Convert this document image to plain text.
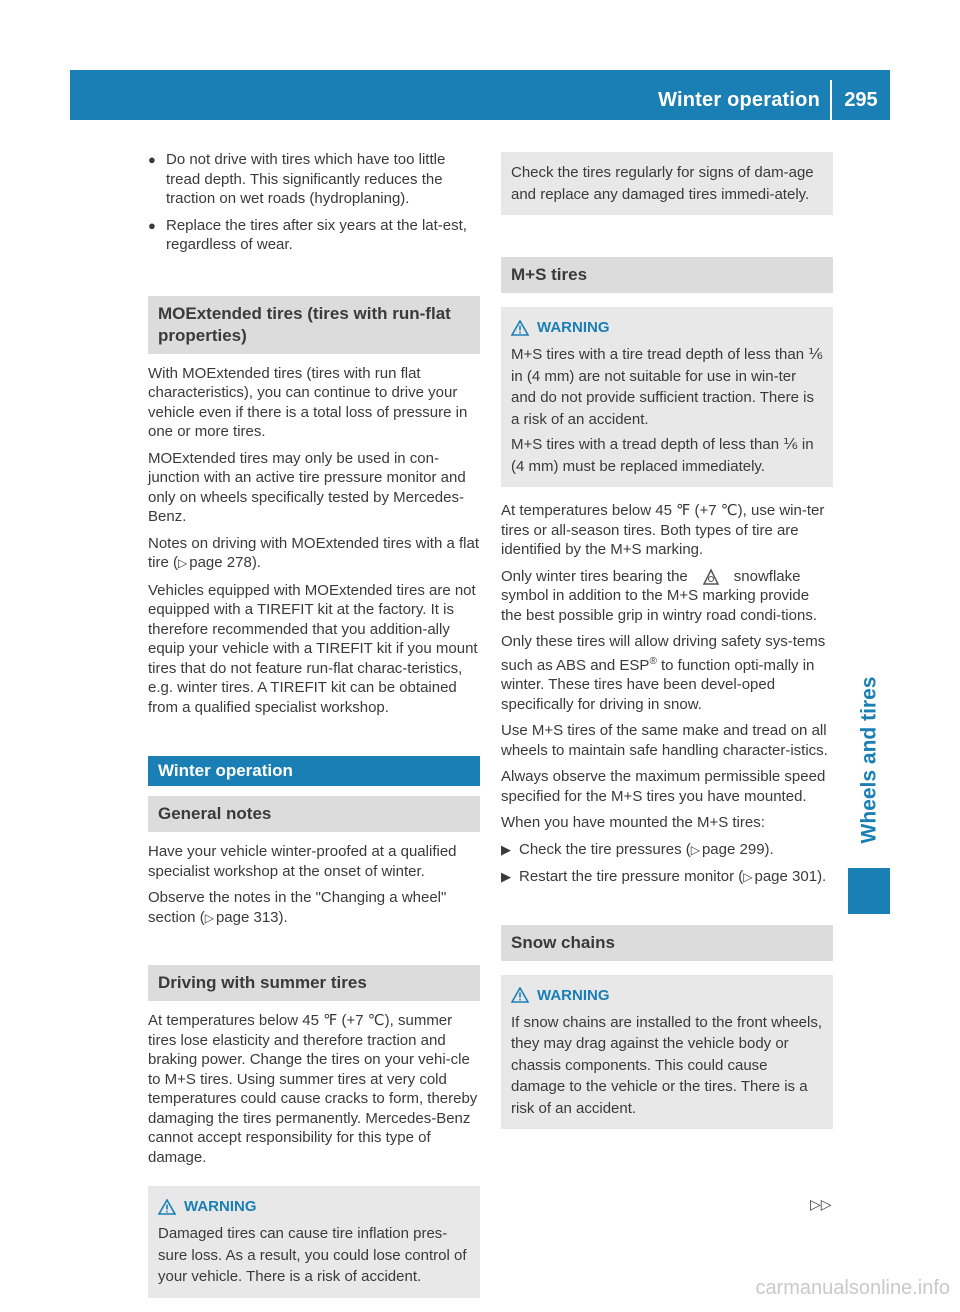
Winter operation	295
Wheels and tires
● Do not drive with tires which have too little tread depth. This significantly reduces the traction on wet roads (hydroplaning).
● Replace the tires after six years at the lat-est, regardless of wear.
MOExtended tires (tires with run-flat properties)

With MOExtended tires (tires with run flat characteristics), you can continue to drive your vehicle even if there is a total loss of pressure in one or more tires.

MOExtended tires may only be used in con-junction with an active tire pressure monitor and only on wheels specifically tested by Mercedes-Benz.

Notes on driving with MOExtended tires with a flat tire (▷ page 278).

Vehicles equipped with MOExtended tires are not equipped with a TIREFIT kit at the factory. It is therefore recommended that you addition-ally equip your vehicle with a TIREFIT kit if you mount tires that do not feature run-flat charac-teristics, e.g. winter tires. A TIREFIT kit can be obtained from a qualified specialist workshop.

Winter operation
General notes

Have your vehicle winter-proofed at a qualified specialist workshop at the onset of winter.

Observe the notes in the "Changing a wheel" section (▷ page 313).

Driving with summer tires

At temperatures below 45 ℉ (+7 ℃), summer tires lose elasticity and therefore traction and braking power. Change the tires on your vehi-cle to M+S tires. Using summer tires at very cold temperatures could cause cracks to form, thereby damaging the tires permanently. Mercedes-Benz cannot accept responsibility for this type of damage.

WARNING

Damaged tires can cause tire inflation pres-sure loss. As a result, you could lose control of your vehicle. There is a risk of accident.

Check the tires regularly for signs of dam-age and replace any damaged tires immedi-ately.

M+S tires
WARNING

M+S tires with a tire tread depth of less than ⅙ in (4 mm) are not suitable for use in win-ter and do not provide sufficient traction. There is a risk of an accident.

M+S tires with a tread depth of less than ⅙ in (4 mm) must be replaced immediately.

At temperatures below 45 ℉ (+7 ℃), use win-ter tires or all-season tires. Both types of tire are identified by the M+S marking.

Only winter tires bearing the	snowflake symbol in addition to the M+S marking provide the best possible grip in wintry road condi-tions.

Only these tires will allow driving safety sys-tems such as ABS and ESP® to function opti-mally in winter. These tires have been devel-oped specifically for driving in snow.

Use M+S tires of the same make and tread on all wheels to maintain safe handling character-istics.

Always observe the maximum permissible speed specified for the M+S tires you have mounted.

When you have mounted the M+S tires:

▶ Check the tire pressures (▷ page 299).
▶ Restart the tire pressure monitor (▷ page 301).
Snow chains
WARNING

If snow chains are installed to the front wheels, they may drag against the vehicle body or chassis components. This could cause damage to the vehicle or the tires. There is a risk of an accident.

▷▷
carmanualsonline.info
